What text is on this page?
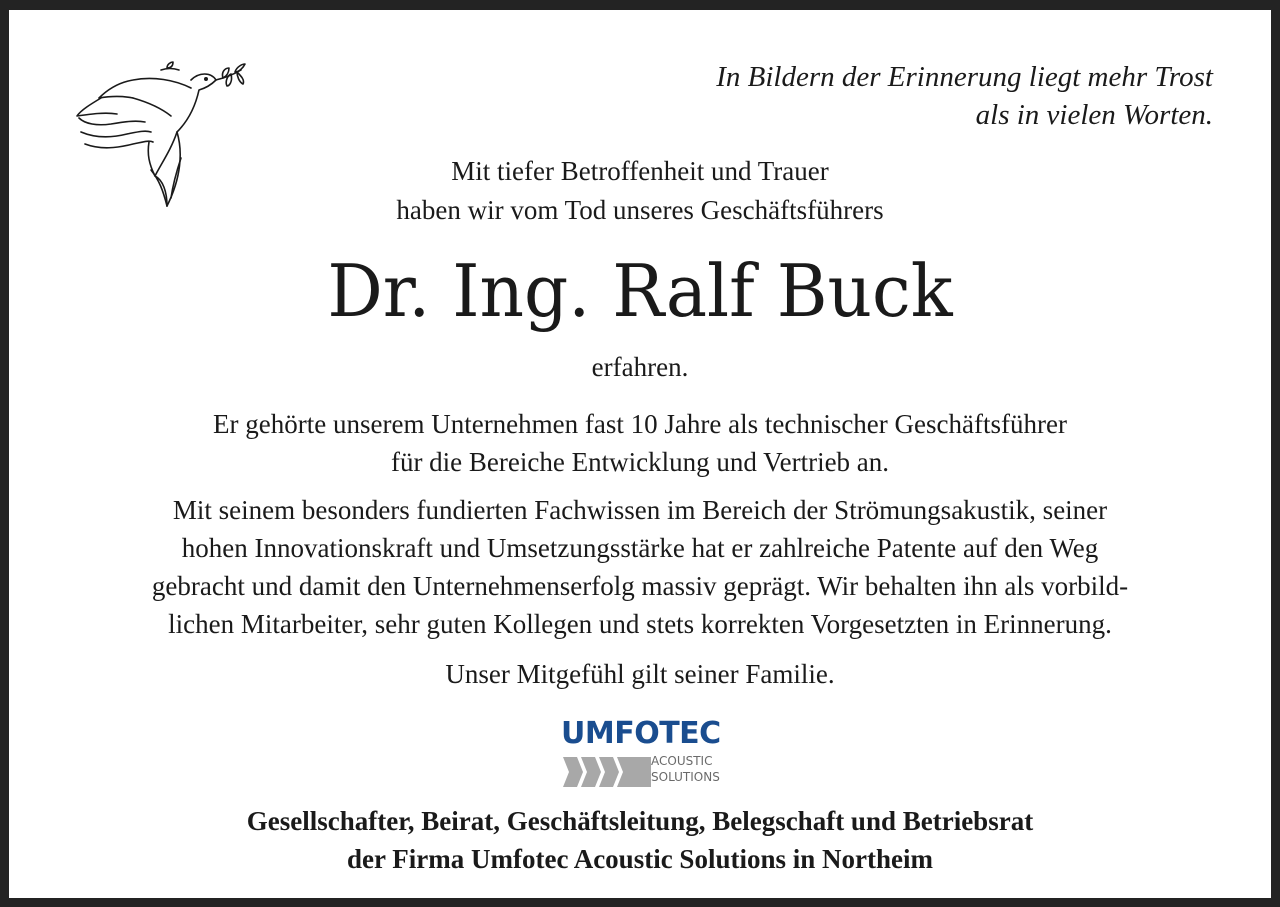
In Bildern der Erinnerung liegt mehr Trost
als in vielen Worten.
Mit tiefer Betroffenheit und Trauer
haben wir vom Tod unseres Geschäftsführers
Dr. Ing. Ralf Buck
erfahren.
Er gehörte unserem Unternehmen fast 10 Jahre als technischer Geschäftsführer
für die Bereiche Entwicklung und Vertrieb an.
Mit seinem besonders fundierten Fachwissen im Bereich der Strömungsakustik, seiner
hohen Innovationskraft und Umsetzungsstärke hat er zahlreiche Patente auf den Weg
gebracht und damit den Unternehmenserfolg massiv geprägt. Wir behalten ihn als vorbild-
lichen Mitarbeiter, sehr guten Kollegen und stets korrekten Vorgesetzten in Erinnerung.
Unser Mitgefühl gilt seiner Familie.
UMFOTEC
ACOUSTIC
SOLUTIONS
Gesellschafter, Beirat, Geschäftsleitung, Belegschaft und Betriebsrat
der Firma Umfotec Acoustic Solutions in Northeim
